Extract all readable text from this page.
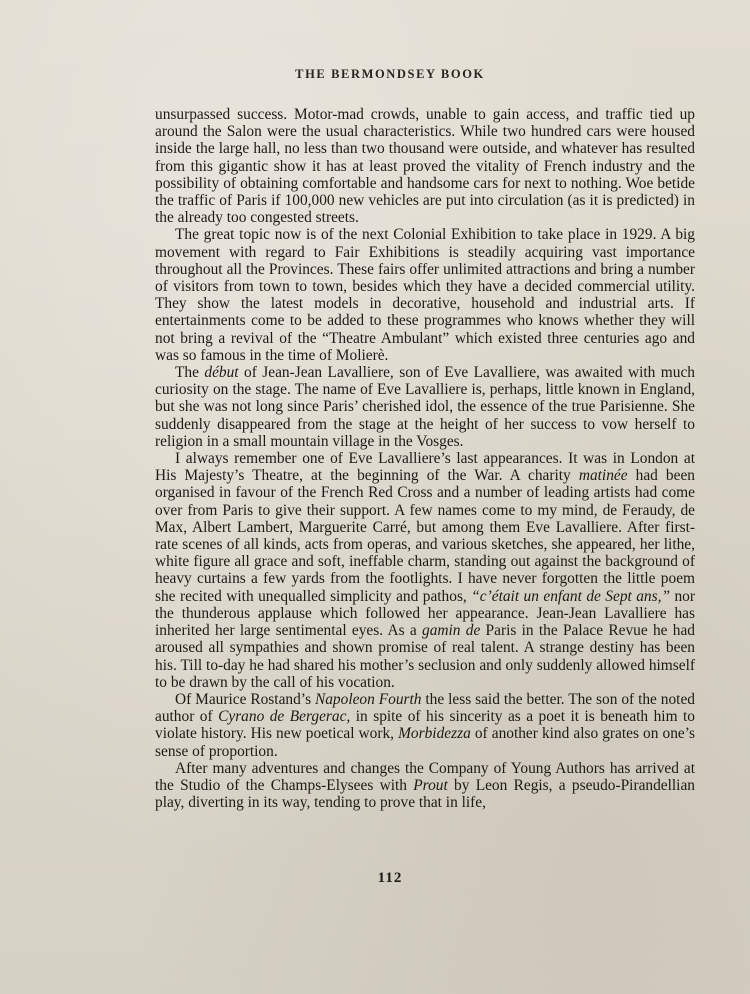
THE BERMONDSEY BOOK

unsurpassed success. Motor-mad crowds, unable to gain access, and traffic tied up around the Salon were the usual characteristics. While two hundred cars were housed inside the large hall, no less than two thousand were outside, and whatever has resulted from this gigantic show it has at least proved the vitality of French industry and the possibility of obtaining comfortable and handsome cars for next to nothing. Woe betide the traffic of Paris if 100,000 new vehicles are put into circulation (as it is predicted) in the already too congested streets.

The great topic now is of the next Colonial Exhibition to take place in 1929. A big movement with regard to Fair Exhibitions is steadily acquiring vast importance throughout all the Provinces. These fairs offer unlimited attractions and bring a number of visitors from town to town, besides which they have a decided commercial utility. They show the latest models in decorative, household and industrial arts. If entertainments come to be added to these programmes who knows whether they will not bring a revival of the “Theatre Ambulant” which existed three centuries ago and was so famous in the time of Molierè.

The début of Jean-Jean Lavalliere, son of Eve Lavalliere, was awaited with much curiosity on the stage. The name of Eve Lavalliere is, perhaps, little known in England, but she was not long since Paris’ cherished idol, the essence of the true Parisienne. She suddenly disappeared from the stage at the height of her success to vow herself to religion in a small mountain village in the Vosges.

I always remember one of Eve Lavalliere’s last appearances. It was in London at His Majesty’s Theatre, at the beginning of the War. A charity matinée had been organised in favour of the French Red Cross and a number of leading artists had come over from Paris to give their support. A few names come to my mind, de Feraudy, de Max, Albert Lambert, Marguerite Carré, but among them Eve Lavalliere. After first-rate scenes of all kinds, acts from operas, and various sketches, she appeared, her lithe, white figure all grace and soft, ineffable charm, standing out against the background of heavy curtains a few yards from the footlights. I have never forgotten the little poem she recited with unequalled simplicity and pathos, “c’était un enfant de Sept ans,” nor the thunderous applause which followed her appearance. Jean-Jean Lavalliere has inherited her large sentimental eyes. As a gamin de Paris in the Palace Revue he had aroused all sympathies and shown promise of real talent. A strange destiny has been his. Till to-day he had shared his mother’s seclusion and only suddenly allowed himself to be drawn by the call of his vocation.

Of Maurice Rostand’s Napoleon Fourth the less said the better. The son of the noted author of Cyrano de Bergerac, in spite of his sincerity as a poet it is beneath him to violate history. His new poetical work, Morbidezza of another kind also grates on one’s sense of proportion.

After many adventures and changes the Company of Young Authors has arrived at the Studio of the Champs-Elysees with Prout by Leon Regis, a pseudo-Pirandellian play, diverting in its way, tending to prove that in life,

112
